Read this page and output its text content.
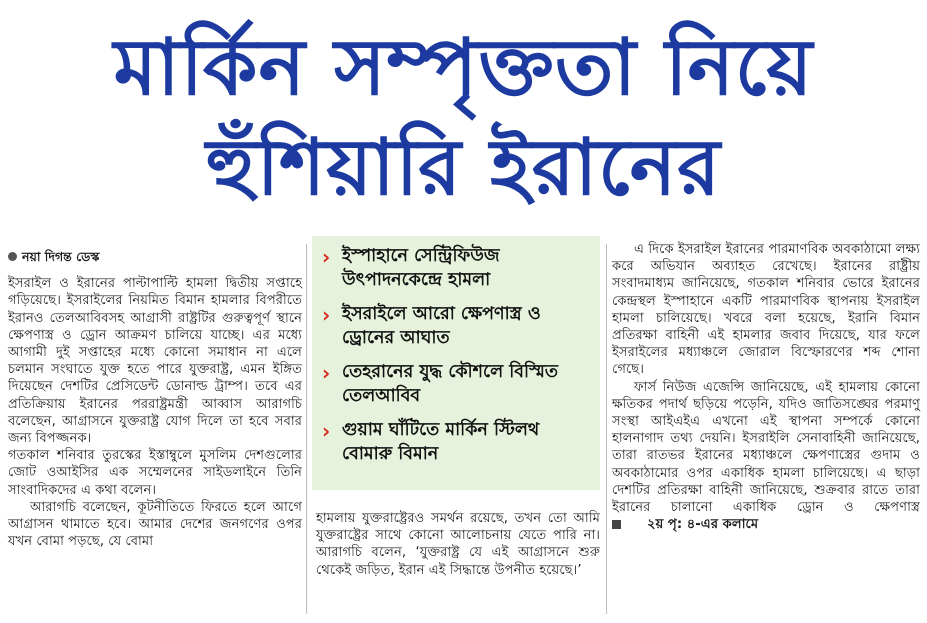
মার্কিন সম্পৃক্ততা নিয়ে
হুঁশিয়ারি ইরানের
নয়া দিগন্ত ডেস্ক

ইসরাইল ও ইরানের পাল্টাপাল্টি হামলা দ্বিতীয় সপ্তাহে গড়িয়েছে। ইসরাইলের নিয়মিত বিমান হামলার বিপরীতে ইরানও তেলআবিবসহ আগ্রাসী রাষ্ট্রটির গুরুত্বপূর্ণ স্থানে ক্ষেপণাস্ত্র ও ড্রোন আক্রমণ চালিয়ে যাচ্ছে। এর মধ্যে আগামী দুই সপ্তাহের মধ্যে কোনো সমাধান না এলে চলমান সংঘাতে যুক্ত হতে পারে যুক্তরাষ্ট্র, এমন ইঙ্গিত দিয়েছেন দেশটির প্রেসিডেন্ট ডোনাল্ড ট্রাম্প। তবে এর প্রতিক্রিয়ায় ইরানের পররাষ্ট্রমন্ত্রী আব্বাস আরাগচি বলেছেন, আগ্রাসনে যুক্তরাষ্ট্র যোগ দিলে তা হবে সবার জন্য বিপজ্জনক।

গতকাল শনিবার তুরস্কের ইস্তাম্বুলে মুসলিম দেশগুলোর জোট ওআইসির এক সম্মেলনের সাইডলাইনে তিনি সাংবাদিকদের এ কথা বলেন।

আরাগচি বলেছেন, কূটনীতিতে ফিরতে হলে আগে আগ্রাসন থামাতে হবে। আমার দেশের জনগণের ওপর যখন বোমা পড়ছে, যে বোমা

› ইস্পাহানে সেন্ট্রিফিউজ উৎপাদনকেন্দ্রে হামলা
› ইসরাইলে আরো ক্ষেপণাস্ত্র ও ড্রোনের আঘাত
› তেহরানের যুদ্ধ কৌশলে বিস্মিত তেলআবিব
› গুয়াম ঘাঁটিতে মার্কিন স্টিলথ বোমারু বিমান

হামলায় যুক্তরাষ্ট্রেরও সমর্থন রয়েছে, তখন তো আমি যুক্তরাষ্ট্রের সাথে কোনো আলোচনায় যেতে পারি না। আরাগচি বলেন, ‘যুক্তরাষ্ট্র যে এই আগ্রাসনে শুরু থেকেই জড়িত, ইরান এই সিদ্ধান্তে উপনীত হয়েছে।’

এ দিকে ইসরাইল ইরানের পারমাণবিক অবকাঠামো লক্ষ্য করে অভিযান অব্যাহত রেখেছে। ইরানের রাষ্ট্রীয় সংবাদমাধ্যম জানিয়েছে, গতকাল শনিবার ভোরে ইরানের কেন্দ্রস্থল ইস্পাহানে একটি পারমাণবিক স্থাপনায় ইসরাইল হামলা চালিয়েছে। খবরে বলা হয়েছে, ইরানি বিমান প্রতিরক্ষা বাহিনী এই হামলার জবাব দিয়েছে, যার ফলে ইসরাইলের মধ্যাঞ্চলে জোরাল বিস্ফোরণের শব্দ শোনা গেছে।

ফার্স নিউজ এজেন্সি জানিয়েছে, এই হামলায় কোনো ক্ষতিকর পদার্থ ছড়িয়ে পড়েনি, যদিও জাতিসঙ্ঘের পরমাণু সংস্থা আইএইএ এখনো এই স্থাপনা সম্পর্কে কোনো হালনাগাদ তথ্য দেয়নি। ইসরাইলি সেনাবাহিনী জানিয়েছে, তারা রাতভর ইরানের মধ্যাঞ্চলে ক্ষেপণাস্ত্রের গুদাম ও অবকাঠামোর ওপর একাধিক হামলা চালিয়েছে। এ ছাড়া দেশটির প্রতিরক্ষা বাহিনী জানিয়েছে, শুক্রবার রাতে তারা ইরানের চালানো একাধিক ড্রোন ও ক্ষেপণাস্ত্র
২য় পৃ: ৪-এর কলামে
